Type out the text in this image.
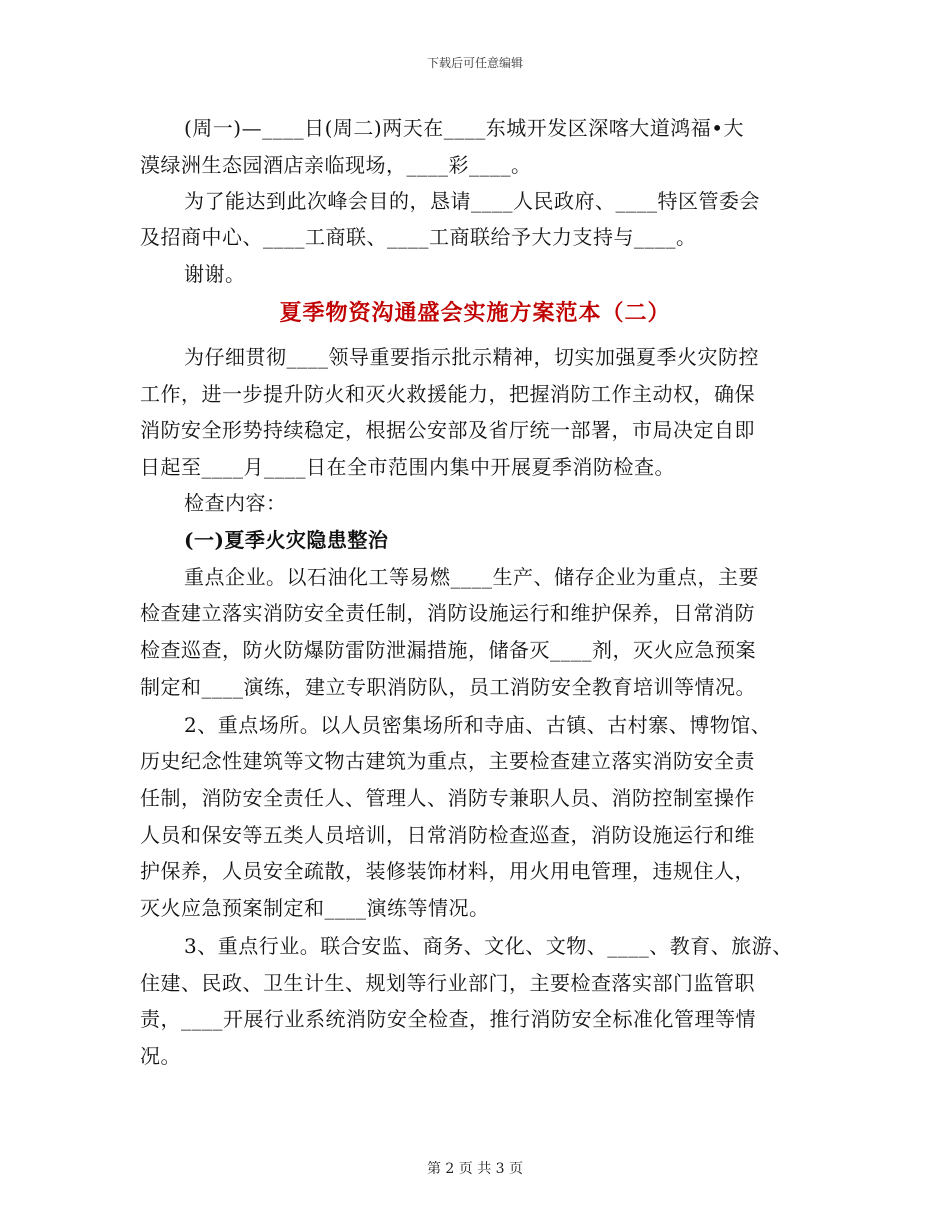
下载后可任意编辑
(周一)—____日(周二)两天在____东城开发区深喀大道鸿福•大
漠绿洲生态园酒店亲临现场，____彩____。
为了能达到此次峰会目的，恳请____人民政府、____特区管委会
及招商中心、____工商联、____工商联给予大力支持与____。
谢谢。
夏季物资沟通盛会实施方案范本（二）
为仔细贯彻____领导重要指示批示精神，切实加强夏季火灾防控
工作，进一步提升防火和灭火救援能力，把握消防工作主动权，确保
消防安全形势持续稳定，根据公安部及省厅统一部署，市局决定自即
日起至____月____日在全市范围内集中开展夏季消防检查。
检查内容：
(一)夏季火灾隐患整治
重点企业。以石油化工等易燃____生产、储存企业为重点，主要
检查建立落实消防安全责任制，消防设施运行和维护保养，日常消防
检查巡查，防火防爆防雷防泄漏措施，储备灭____剂，灭火应急预案
制定和____演练，建立专职消防队，员工消防安全教育培训等情况。
2、重点场所。以人员密集场所和寺庙、古镇、古村寨、博物馆、
历史纪念性建筑等文物古建筑为重点，主要检查建立落实消防安全责
任制，消防安全责任人、管理人、消防专兼职人员、消防控制室操作
人员和保安等五类人员培训，日常消防检查巡查，消防设施运行和维
护保养，人员安全疏散，装修装饰材料，用火用电管理，违规住人，
灭火应急预案制定和____演练等情况。
3、重点行业。联合安监、商务、文化、文物、____、教育、旅游、
住建、民政、卫生计生、规划等行业部门，主要检查落实部门监管职
责，____开展行业系统消防安全检查，推行消防安全标准化管理等情
况。
第 2 页 共 3 页
